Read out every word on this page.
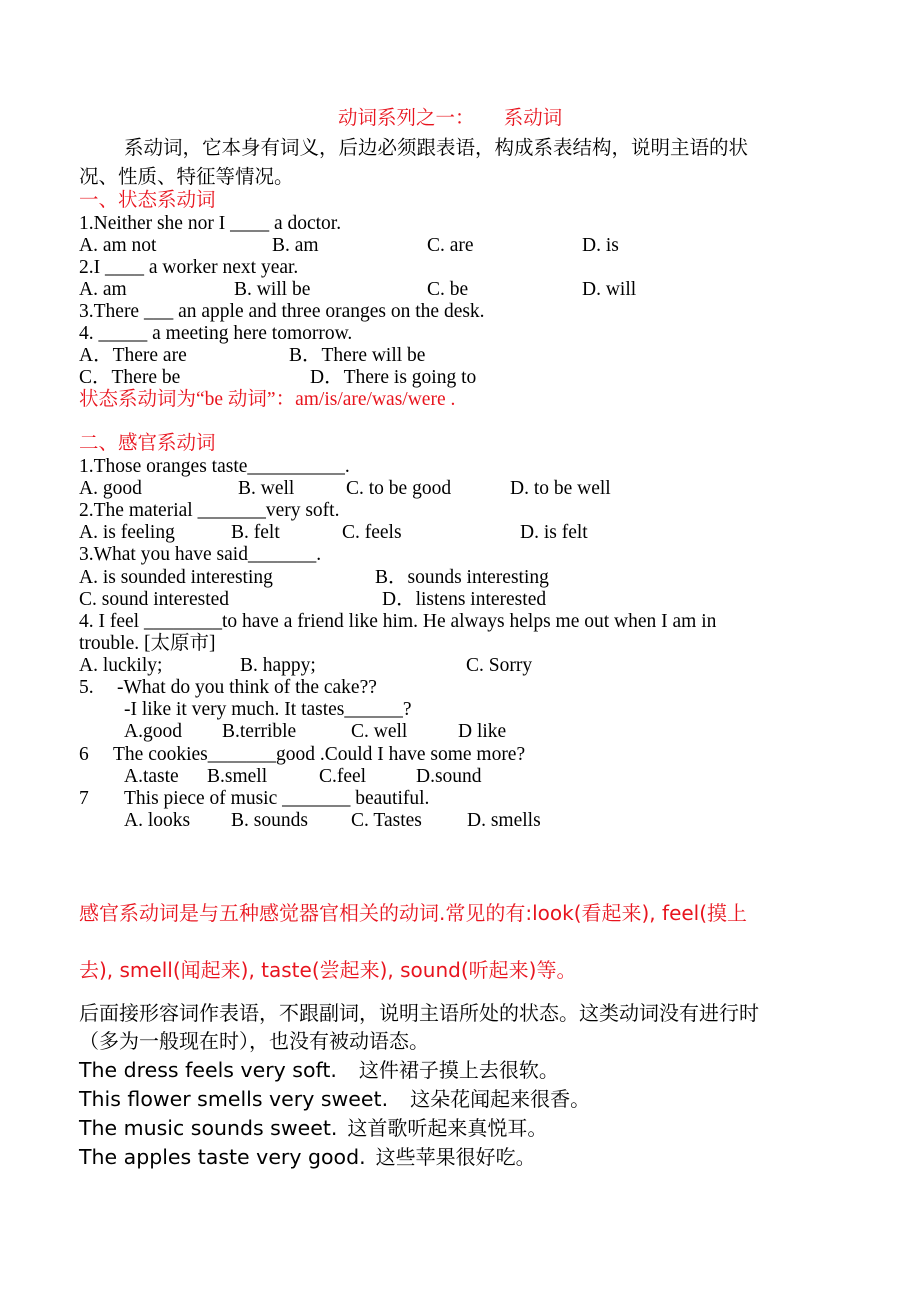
动词系列之一：　　系动词
系动词，它本身有词义，后边必须跟表语，构成系表结构，说明主语的状
况、性质、特征等情况。
一、状态系动词
1.Neither she nor I ____ a doctor.
A. am not	B. am	C. are	D. is
2.I ____ a worker next year.
A. am	B. will be	C. be	D. will
3.There ___ an apple and three oranges on the desk.
4. _____ a meeting here tomorrow.
A．There are	B．There will be
C．There be	D．There is going to
状态系动词为“be 动词”：am/is/are/was/were .
二、感官系动词
1.Those oranges taste__________.
A. good	B. well	C. to be good	D. to be well
2.The material _______very soft.
A. is feeling	B. felt	C. feels	D. is felt
3.What you have said_______.
A. is sounded interesting	B．sounds interesting
C. sound interested	D．listens interested
4. I feel ________to have a friend like him. He always helps me out when I am in
trouble. [太原市]
A. luckily;	B. happy;	C. Sorry
5. -What do you think of the cake??
-I like it very much. It tastes______?
A.good B.terrible	C. well	D like
6 The cookies_______good .Could I have some more?
A.taste B.smell	C.feel	D.sound
7 This piece of music _______ beautiful.
A. looks B. sounds C. Tastes D. smells
感官系动词是与五种感觉器官相关的动词.常见的有:look(看起来), feel(摸上
去), smell(闻起来), taste(尝起来), sound(听起来)等。
后面接形容词作表语，不跟副词，说明主语所处的状态。这类动词没有进行时
（多为一般现在时），也没有被动语态。
The dress feels very soft. 这件裙子摸上去很软。
This flower smells very sweet. 这朵花闻起来很香。
The music sounds sweet. 这首歌听起来真悦耳。
The apples taste very good. 这些苹果很好吃。
